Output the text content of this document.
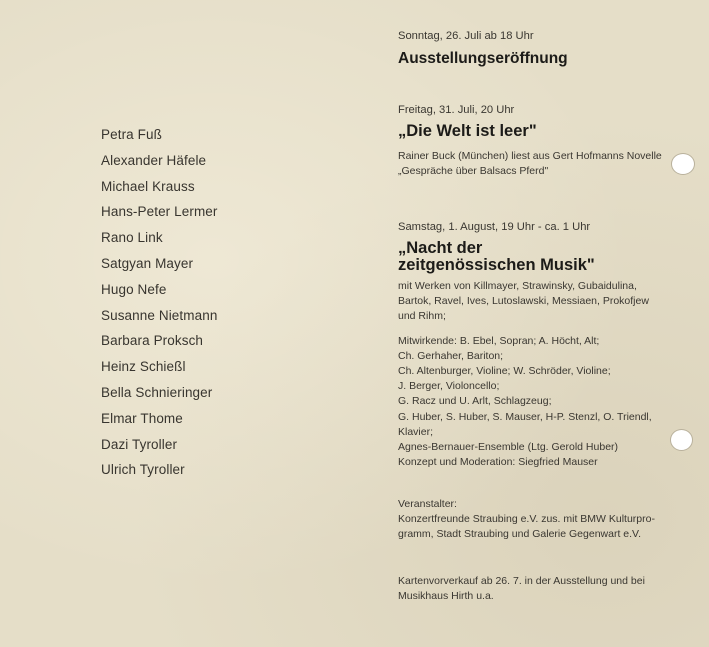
Petra Fuß
Alexander Häfele
Michael Krauss
Hans-Peter Lermer
Rano Link
Satgyan Mayer
Hugo Nefe
Susanne Nietmann
Barbara Proksch
Heinz Schießl
Bella Schnieringer
Elmar Thome
Dazi Tyroller
Ulrich Tyroller
Sonntag, 26. Juli ab 18 Uhr
Ausstellungseröffnung
Freitag, 31. Juli, 20 Uhr
„Die Welt ist leer"
Rainer Buck (München) liest aus Gert Hofmanns Novelle
„Gespräche über Balsacs Pferd"
Samstag, 1. August, 19 Uhr - ca. 1 Uhr
„Nacht der
zeitgenössischen Musik"
mit Werken von Killmayer, Strawinsky, Gubaidulina,
Bartok, Ravel, Ives, Lutoslawski, Messiaen, Prokofjew
und Rihm;
Mitwirkende: B. Ebel, Sopran; A. Höcht, Alt;
Ch. Gerhaher, Bariton;
Ch. Altenburger, Violine; W. Schröder, Violine;
J. Berger, Violoncello;
G. Racz und U. Arlt, Schlagzeug;
G. Huber, S. Huber, S. Mauser, H-P. Stenzl, O. Triendl,
Klavier;
Agnes-Bernauer-Ensemble (Ltg. Gerold Huber)
Konzept und Moderation: Siegfried Mauser
Veranstalter:
Konzertfreunde Straubing e.V. zus. mit BMW Kulturpro-
gramm, Stadt Straubing und Galerie Gegenwart e.V.
Kartenvorverkauf ab 26. 7. in der Ausstellung und bei
Musikhaus Hirth u.a.
